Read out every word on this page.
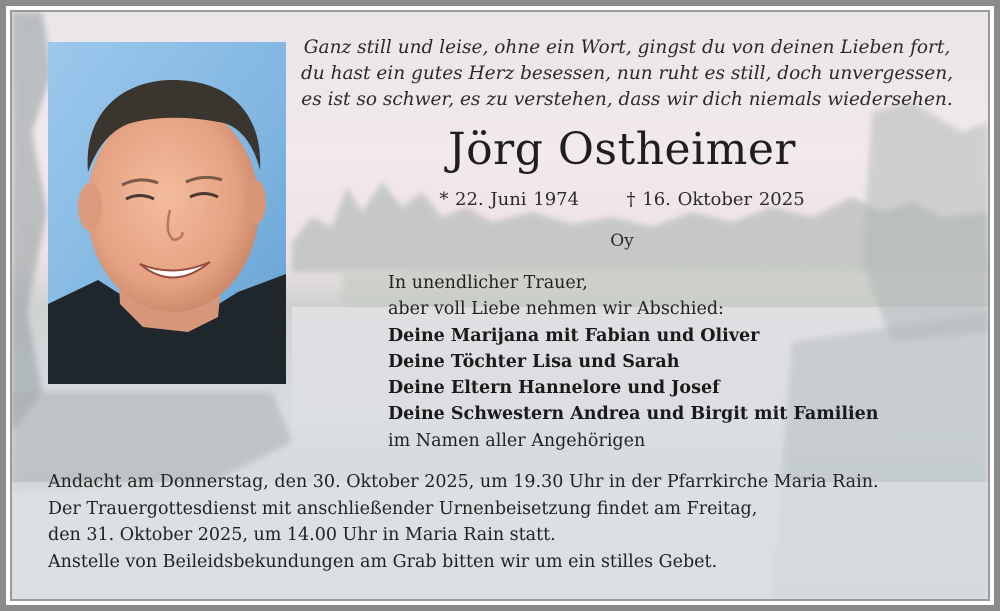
Ganz still und leise, ohne ein Wort, gingst du von deinen Lieben fort,
du hast ein gutes Herz besessen, nun ruht es still, doch unvergessen,
es ist so schwer, es zu verstehen, dass wir dich niemals wiedersehen.
Jörg Ostheimer
* 22. Juni 1974	† 16. Oktober 2025
Oy
In unendlicher Trauer,
aber voll Liebe nehmen wir Abschied:
Deine Marijana mit Fabian und Oliver
Deine Töchter Lisa und Sarah
Deine Eltern Hannelore und Josef
Deine Schwestern Andrea und Birgit mit Familien
im Namen aller Angehörigen
Andacht am Donnerstag, den 30. Oktober 2025, um 19.30 Uhr in der Pfarrkirche Maria Rain.
Der Trauergottesdienst mit anschließender Urnenbeisetzung findet am Freitag,
den 31. Oktober 2025, um 14.00 Uhr in Maria Rain statt.
Anstelle von Beileidsbekundungen am Grab bitten wir um ein stilles Gebet.
